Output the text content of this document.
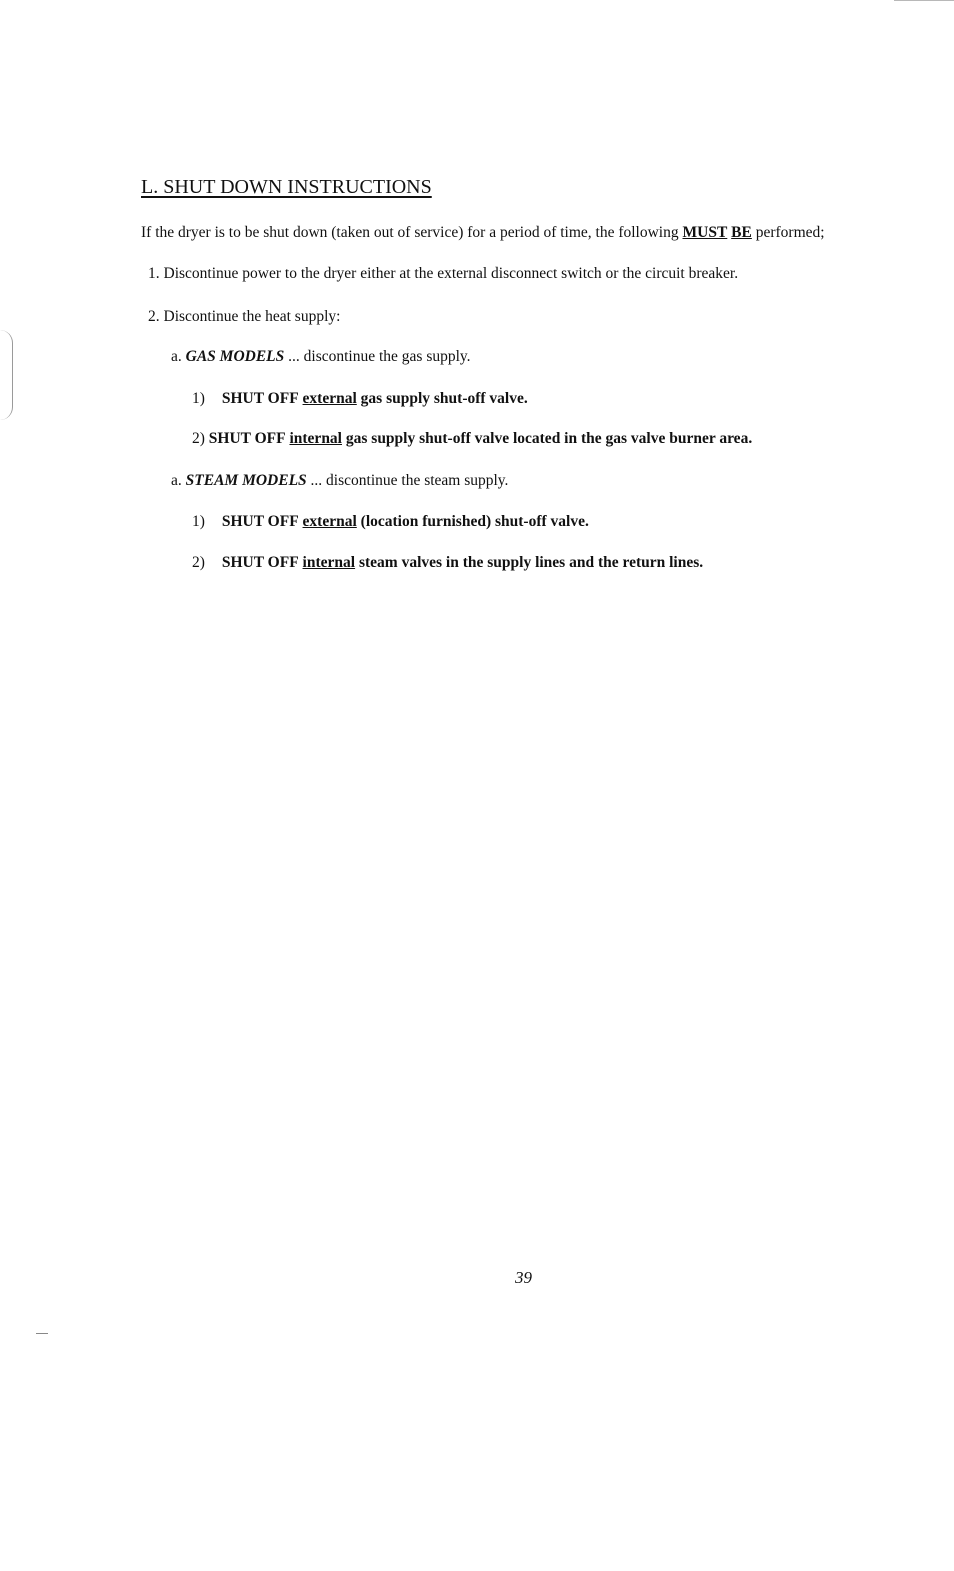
L. SHUT DOWN INSTRUCTIONS
If the dryer is to be shut down (taken out of service) for a period of time, the following MUST BE performed;
1. Discontinue power to the dryer either at the external disconnect switch or the circuit breaker.
2. Discontinue the heat supply:
a. GAS MODELS ... discontinue the gas supply.
1) SHUT OFF external gas supply shut-off valve.
2) SHUT OFF internal gas supply shut-off valve located in the gas valve burner area.
a. STEAM MODELS ... discontinue the steam supply.
1) SHUT OFF external (location furnished) shut-off valve.
2) SHUT OFF internal steam valves in the supply lines and the return lines.
39
